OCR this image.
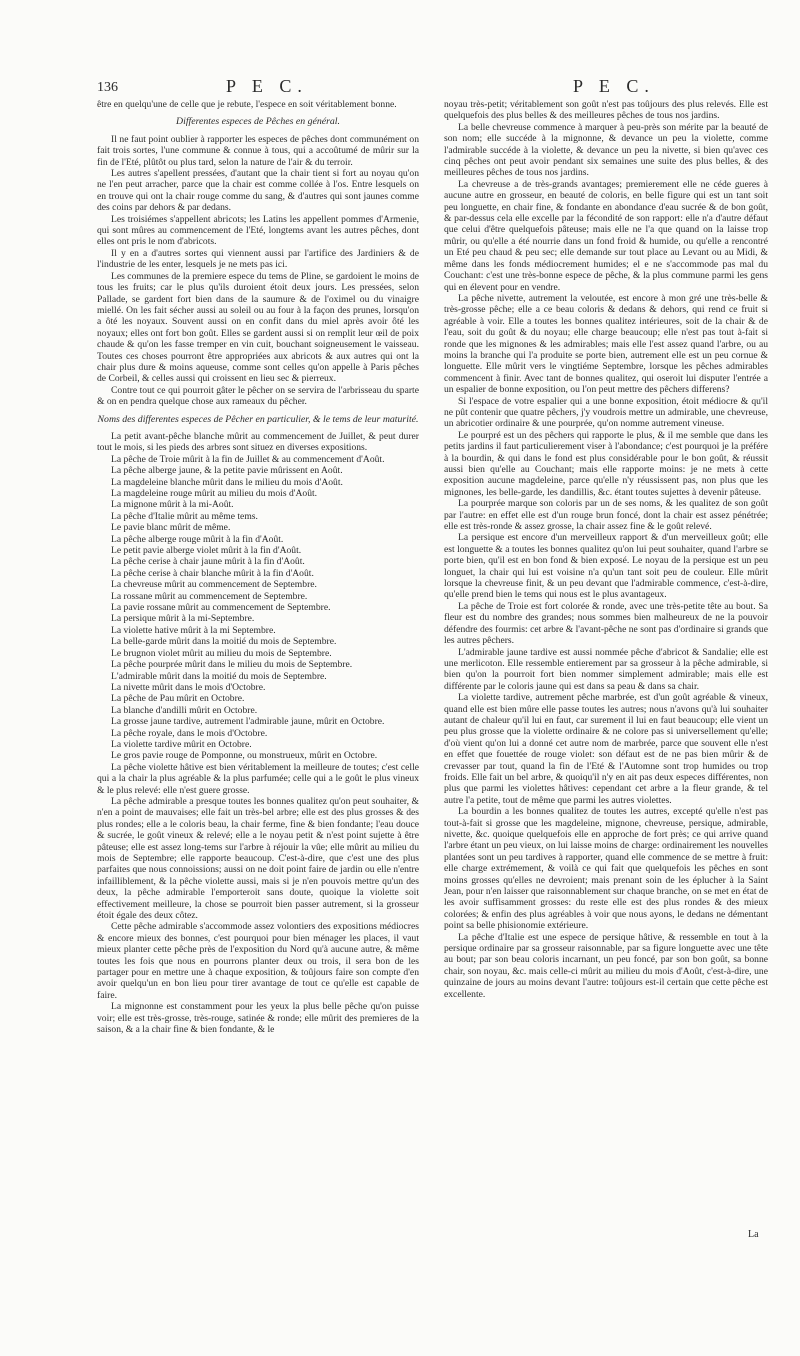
136	P E C.	P E C.

être en quelqu'une de celle que je rebute, l'espece en soit véritablement bonne.

Differentes especes de Pêches en général.

Il ne faut point oublier à rapporter les especes de pêches dont communément on fait trois sortes, l'une commune & connue à tous, qui a accoûtumé de mûrir sur la fin de l'Eté, plûtôt ou plus tard, selon la nature de l'air & du terroir.

Les autres s'apellent pressées, d'autant que la chair tient si fort au noyau qu'on ne l'en peut arracher, parce que la chair est comme collée à l'os. Entre lesquels on en trouve qui ont la chair rouge comme du sang, & d'autres qui sont jaunes comme des coins par dehors & par dedans.

Les troisiémes s'appellent abricots; les Latins les appellent pommes d'Armenie, qui sont mûres au commencement de l'Eté, longtems avant les autres pêches, dont elles ont pris le nom d'abricots.

Il y en a d'autres sortes qui viennent aussi par l'artifice des Jardiniers & de l'industrie de les enter, lesquels je ne mets pas ici.

Les communes de la premiere espece du tems de Pline, se gardoient le moins de tous les fruits; car le plus qu'ils duroient étoit deux jours. Les pressées, selon Pallade, se gardent fort bien dans de la saumure & de l'oximel ou du vinaigre miellé. On les fait sécher aussi au soleil ou au four à la façon des prunes, lorsqu'on a ôté les noyaux. Souvent aussi on en confit dans du miel après avoir ôté les noyaux; elles ont fort bon goût. Elles se gardent aussi si on remplit leur œil de poix chaude & qu'on les fasse tremper en vin cuit, bouchant soigneusement le vaisseau. Toutes ces choses pourront être appropriées aux abricots & aux autres qui ont la chair plus dure & moins aqueuse, comme sont celles qu'on appelle à Paris pêches de Corbeil, & celles aussi qui croissent en lieu sec & pierreux.

Contre tout ce qui pourroit gâter le pêcher on se servira de l'arbrisseau du sparte & on en pendra quelque chose aux rameaux du pêcher.

Noms des differentes especes de Pêcher en particulier, & le tems de leur maturité.

La petit avant-pêche blanche mûrit au commencement de Juillet, & peut durer tout le mois, si les pieds des arbres sont situez en diverses expositions.

La pêche de Troie mûrit à la fin de Juillet & au commencement d'Août.

La pêche alberge jaune, & la petite pavie mûrissent en Août.

La magdeleine blanche mûrit dans le milieu du mois d'Août.

La magdeleine rouge mûrit au milieu du mois d'Août.

La mignone mûrit à la mi-Août.

La pêche d'Italie mûrit au même tems.

Le pavie blanc mûrit de même.

La pêche alberge rouge mûrit à la fin d'Août.

Le petit pavie alberge violet mûrit à la fin d'Août.

La pêche cerise à chair jaune mûrit à la fin d'Août.

La pêche cerise à chair blanche mûrit à la fin d'Août.

La chevreuse mûrit au commencement de Septembre.

La rossane mûrit au commencement de Septembre.

La pavie rossane mûrit au commencement de Septembre.

La persique mûrit à la mi-Septembre.

La violette hative mûrit à la mi Septembre.

La belle-garde mûrit dans la moitié du mois de Septembre.

Le brugnon violet mûrit au milieu du mois de Septembre.

La pêche pourprée mûrit dans le milieu du mois de Septembre.

L'admirable mûrit dans la moitié du mois de Septembre.

La nivette mûrit dans le mois d'Octobre.

La pêche de Pau mûrit en Octobre.

La blanche d'andilli mûrit en Octobre.

La grosse jaune tardive, autrement l'admirable jaune, mûrit en Octobre.

La pêche royale, dans le mois d'Octobre.

La violette tardive mûrit en Octobre.

Le gros pavie rouge de Pomponne, ou monstrueux, mûrit en Octobre.

La pêche violette hâtive est bien véritablement la meilleure de toutes; c'est celle qui a la chair la plus agréable & la plus parfumée; celle qui a le goût le plus vineux & le plus relevé: elle n'est guere grosse.

La pêche admirable a presque toutes les bonnes qualitez qu'on peut souhaiter, & n'en a point de mauvaises; elle fait un très-bel arbre; elle est des plus grosses & des plus rondes; elle a le coloris beau, la chair ferme, fine & bien fondante; l'eau douce & sucrée, le goût vineux & relevé; elle a le noyau petit & n'est point sujette à être pâteuse; elle est assez long-tems sur l'arbre à réjouir la vûe; elle mûrit au milieu du mois de Septembre; elle rapporte beaucoup. C'est-à-dire, que c'est une des plus parfaites que nous connoissions; aussi on ne doit point faire de jardin ou elle n'entre infailliblement, & la pêche violette aussi, mais si je n'en pouvois mettre qu'un des deux, la pêche admirable l'emporteroit sans doute, quoique la violette soit effectivement meilleure, la chose se pourroit bien passer autrement, si la grosseur étoit égale des deux côtez.

Cette pêche admirable s'accommode assez volontiers des expositions médiocres & encore mieux des bonnes, c'est pourquoi pour bien ménager les places, il vaut mieux planter cette pêche près de l'exposition du Nord qu'à aucune autre, & même toutes les fois que nous en pourrons planter deux ou trois, il sera bon de les partager pour en mettre une à chaque exposition, & toûjours faire son compte d'en avoir quelqu'un en bon lieu pour tirer avantage de tout ce qu'elle est capable de faire.

La mignonne est constamment pour les yeux la plus belle pêche qu'on puisse voir; elle est très-grosse, très-rouge, satinée & ronde; elle mûrit des premieres de la saison, & a la chair fine & bien fondante, & le

noyau très-petit; véritablement son goût n'est pas toûjours des plus relevés. Elle est quelquefois des plus belles & des meilleures pêches de tous nos jardins.

La belle chevreuse commence à marquer à peu-près son mérite par la beauté de son nom; elle succéde à la mignonne, & devance un peu la violette, comme l'admirable succéde à la violette, & devance un peu la nivette, si bien qu'avec ces cinq pêches ont peut avoir pendant six semaines une suite des plus belles, & des meilleures pêches de tous nos jardins.

La chevreuse a de très-grands avantages; premierement elle ne céde gueres à aucune autre en grosseur, en beauté de coloris, en belle figure qui est un tant soit peu longuette, en chair fine, & fondante en abondance d'eau sucrée & de bon goût, & par-dessus cela elle excelle par la fécondité de son rapport: elle n'a d'autre défaut que celui d'être quelquefois pâteuse; mais elle ne l'a que quand on la laisse trop mûrir, ou qu'elle a été nourrie dans un fond froid & humide, ou qu'elle a rencontré un Eté peu chaud & peu sec; elle demande sur tout place au Levant ou au Midi, & même dans les fonds médiocrement humides; el e ne s'accommode pas mal du Couchant: c'est une très-bonne espece de pêche, & la plus commune parmi les gens qui en élevent pour en vendre.

La pêche nivette, autrement la veloutée, est encore à mon gré une très-belle & très-grosse pêche; elle a ce beau coloris & dedans & dehors, qui rend ce fruit si agréable à voir. Elle a toutes les bonnes qualitez intérieures, soit de la chair & de l'eau, soit du goût & du noyau; elle charge beaucoup; elle n'est pas tout à-fait si ronde que les mignones & les admirables; mais elle l'est assez quand l'arbre, ou au moins la branche qui l'a produite se porte bien, autrement elle est un peu cornue & longuette. Elle mûrit vers le vingtiéme Septembre, lorsque les pêches admirables commencent à finir. Avec tant de bonnes qualitez, qui oseroit lui disputer l'entrée a un espalier de bonne exposition, ou l'on peut mettre des pêchers differens?

Si l'espace de votre espalier qui a une bonne exposition, étoit médiocre & qu'il ne pût contenir que quatre pêchers, j'y voudrois mettre un admirable, une chevreuse, un abricotier ordinaire & une pourprée, qu'on nomme autrement vineuse.

Le pourpré est un des pêchers qui rapporte le plus, & il me semble que dans les petits jardins il faut particulierement viser à l'abondance; c'est pourquoi je la préfére à la bourdin, & qui dans le fond est plus considérable pour le bon goût, & réussit aussi bien qu'elle au Couchant; mais elle rapporte moins: je ne mets à cette exposition aucune magdeleine, parce qu'elle n'y réussissent pas, non plus que les mignones, les belle-garde, les dandillis, &c. étant toutes sujettes à devenir pâteuse.

La pourprée marque son coloris par un de ses noms, & les qualitez de son goût par l'autre: en effet elle est d'un rouge brun foncé, dont la chair est assez pénétrée; elle est très-ronde & assez grosse, la chair assez fine & le goût relevé.

La persique est encore d'un merveilleux rapport & d'un merveilleux goût; elle est longuette & a toutes les bonnes qualitez qu'on lui peut souhaiter, quand l'arbre se porte bien, qu'il est en bon fond & bien exposé. Le noyau de la persique est un peu longuet, la chair qui lui est voisine n'a qu'un tant soit peu de couleur. Elle mûrit lorsque la chevreuse finit, & un peu devant que l'admirable commence, c'est-à-dire, qu'elle prend bien le tems qui nous est le plus avantageux.

La pêche de Troie est fort colorée & ronde, avec une très-petite tête au bout. Sa fleur est du nombre des grandes; nous sommes bien malheureux de ne la pouvoir défendre des fourmis: cet arbre & l'avant-pêche ne sont pas d'ordinaire si grands que les autres pêchers.

L'admirable jaune tardive est aussi nommée pêche d'abricot & Sandalie; elle est une merlicoton. Elle ressemble entierement par sa grosseur à la pêche admirable, si bien qu'on la pourroit fort bien nommer simplement admirable; mais elle est différente par le coloris jaune qui est dans sa peau & dans sa chair.

La violette tardive, autrement pêche marbrée, est d'un goût agréable & vineux, quand elle est bien mûre elle passe toutes les autres; nous n'avons qu'à lui souhaiter autant de chaleur qu'il lui en faut, car surement il lui en faut beaucoup; elle vient un peu plus grosse que la violette ordinaire & ne colore pas si universellement qu'elle; d'où vient qu'on lui a donné cet autre nom de marbrée, parce que souvent elle n'est en effet que fouettée de rouge violet: son défaut est de ne pas bien mûrir & de crevasser par tout, quand la fin de l'Eté & l'Automne sont trop humides ou trop froids. Elle fait un bel arbre, & quoiqu'il n'y en ait pas deux especes différentes, non plus que parmi les violettes hâtives: cependant cet arbre a la fleur grande, & tel autre l'a petite, tout de même que parmi les autres violettes.

La bourdin a les bonnes qualitez de toutes les autres, excepté qu'elle n'est pas tout-à-fait si grosse que les magdeleine, mignone, chevreuse, persique, admirable, nivette, &c. quoique quelquefois elle en approche de fort près; ce qui arrive quand l'arbre étant un peu vieux, on lui laisse moins de charge: ordinairement les nouvelles plantées sont un peu tardives à rapporter, quand elle commence de se mettre à fruit: elle charge extrémement, & voilà ce qui fait que quelquefois les pêches en sont moins grosses qu'elles ne devroient; mais prenant soin de les éplucher à la Saint Jean, pour n'en laisser que raisonnablement sur chaque branche, on se met en état de les avoir suffisamment grosses: du reste elle est des plus rondes & des mieux colorées; & enfin des plus agréables à voir que nous ayons, le dedans ne démentant point sa belle phisionomie extérieure.

La pêche d'Italie est une espece de persique hâtive, & ressemble en tout à la persique ordinaire par sa grosseur raisonnable, par sa figure longuette avec une tête au bout; par son beau coloris incarnant, un peu foncé, par son bon goût, sa bonne chair, son noyau, &c. mais celle-ci mûrit au milieu du mois d'Août, c'est-à-dire, une quinzaine de jours au moins devant l'autre: toûjours est-il certain que cette pêche est excellente.

La
